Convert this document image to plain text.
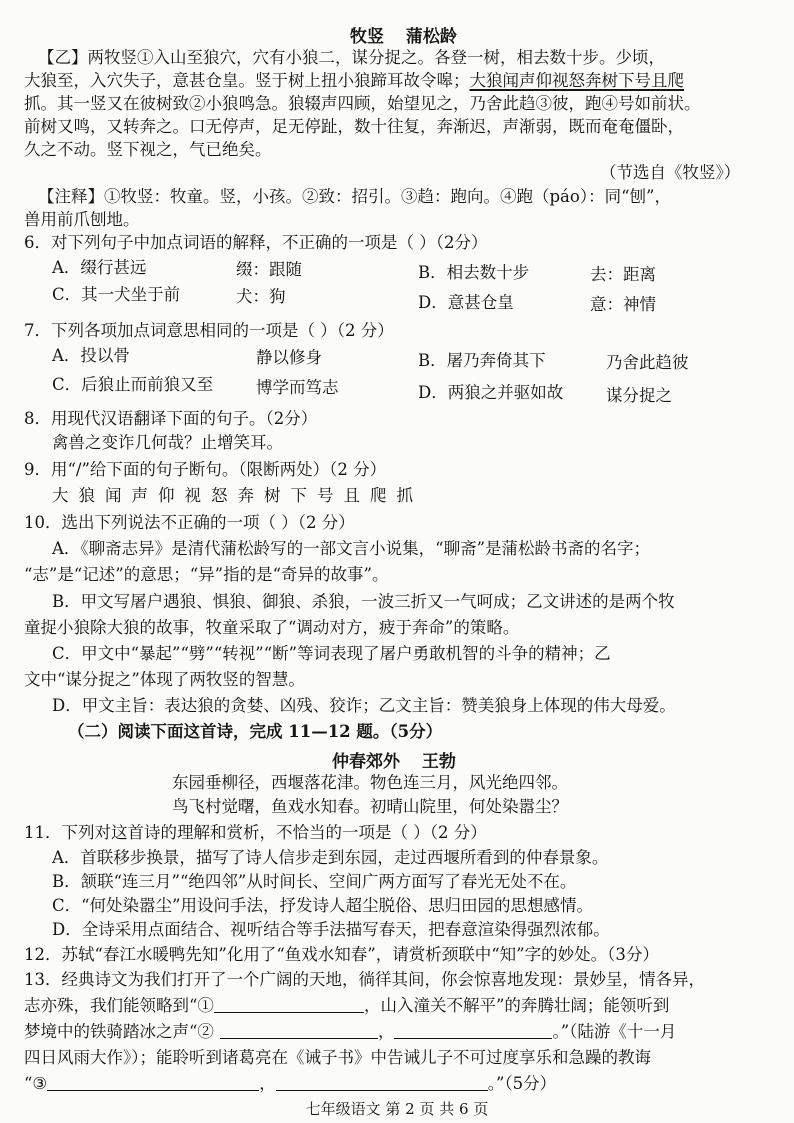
牧竖 蒲松龄
【乙】两牧竖①入山至狼穴，穴有小狼二，谋分捉之。各登一树，相去数十步。少顷，
大狼至，入穴失子，意甚仓皇。竖于树上扭小狼蹄耳故令嗥；大狼闻声仰视怒奔树下号且爬
抓。其一竖又在彼树致②小狼鸣急。狼辍声四顾，始望见之，乃舍此趋③彼，跑④号如前状。
前树又鸣，又转奔之。口无停声，足无停趾，数十往复，奔渐迟，声渐弱，既而奄奄僵卧，
久之不动。竖下视之，气已绝矣。
（节选自《牧竖》）
【注释】①牧竖：牧童。竖，小孩。②致：招引。③趋：跑向。④跑（páo）：同“刨”，
兽用前爪刨地。
6．对下列句子中加点词语的解释，不正确的一项是（ ）（2分）
A．缀行甚远	缀：跟随	B．相去数十步	去：距离
C．其一犬坐于前	犬：狗	D．意甚仓皇	意：神情
7．下列各项加点词意思相同的一项是（ ）（2 分）
A．投以骨	静以修身	B．屠乃奔倚其下	乃舍此趋彼
C．后狼止而前狼又至	博学而笃志	D．两狼之并驱如故	谋分捉之
8．用现代汉语翻译下面的句子。（2分）
禽兽之变诈几何哉？止增笑耳。
9．用“/”给下面的句子断句。（限断两处）（2 分）
大狼闻声仰视怒奔树下号且爬抓
10．选出下列说法不正确的一项（ ）（2 分）
A．《聊斋志异》是清代蒲松龄写的一部文言小说集，“聊斋”是蒲松龄书斋的名字；
“志”是“记述”的意思；“异”指的是“奇异的故事”。
B．甲文写屠户遇狼、惧狼、御狼、杀狼，一波三折又一气呵成；乙文讲述的是两个牧
童捉小狼除大狼的故事，牧童采取了“调动对方，疲于奔命”的策略。
C．甲文中“暴起”“劈”“转视”“断”等词表现了屠户勇敢机智的斗争的精神；乙
文中“谋分捉之”体现了两牧竖的智慧。
D．甲文主旨：表达狼的贪婪、凶残、狡诈；乙文主旨：赞美狼身上体现的伟大母爱。
（二）阅读下面这首诗，完成 11—12 题。（5分）
仲春郊外 王勃
东园垂柳径，西堰落花津。物色连三月，风光绝四邻。
鸟飞村觉曙，鱼戏水知春。初晴山院里，何处染嚣尘？
11．下列对这首诗的理解和赏析，不恰当的一项是（ ）（2 分）
A．首联移步换景，描写了诗人信步走到东园，走过西堰所看到的仲春景象。
B．颔联“连三月”“绝四邻”从时间长、空间广两方面写了春光无处不在。
C．“何处染嚣尘”用设问手法，抒发诗人超尘脱俗、思归田园的思想感情。
D．全诗采用点面结合、视听结合等手法描写春天，把春意渲染得强烈浓郁。
12．苏轼“春江水暖鸭先知”化用了“鱼戏水知春”，请赏析颈联中“知”字的妙处。（3分）
13．经典诗文为我们打开了一个广阔的天地，徜徉其间，你会惊喜地发现：景妙呈，情各异，
志亦殊，我们能领略到“①	，山入潼关不解平”的奔腾壮阔；能领听到
梦境中的铁骑踏冰之声“②	，	。”（陆游《十一月
四日风雨大作》）；能聆听到诸葛亮在《诫子书》中告诫儿子不可过度享乐和急躁的教诲
“③	，	。”（5分）
七年级语文 第 2 页 共 6 页
